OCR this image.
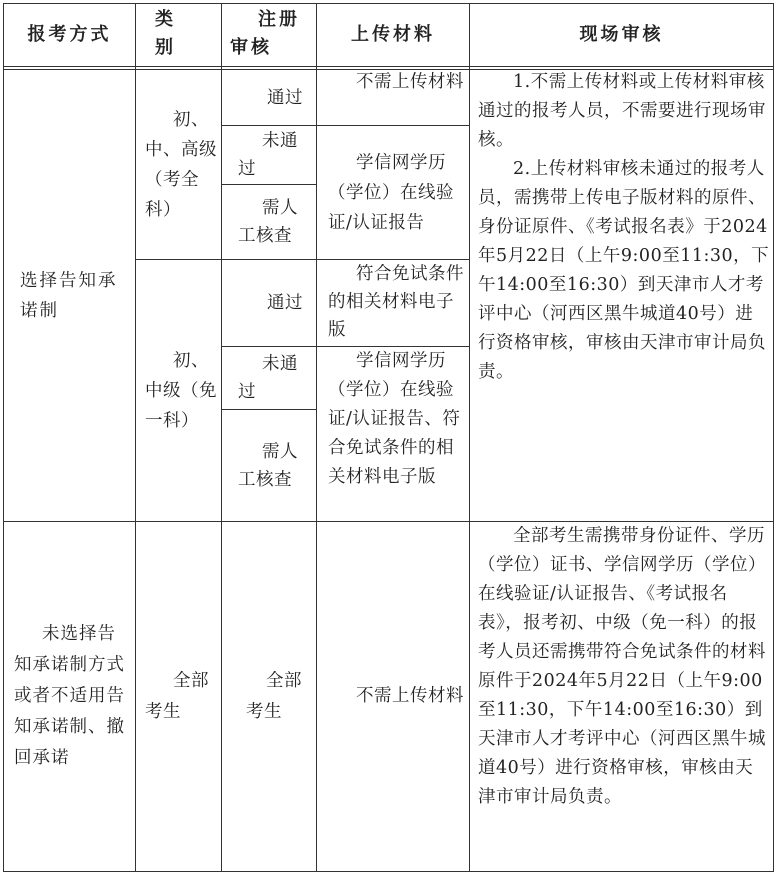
报考方式
类别
注册审核
上传材料	现场审核
选择告知承诺制
初、中、高级（考全科）
通过
未通过
需人工核查
不需上传材料
学信网学历（学位）在线验证/认证报告
初、中级（免一科）
通过
未通过
需人工核查
符合免试条件的相关材料电子版
学信网学历（学位）在线验证/认证报告、符合免试条件的相关材料电子版

1.不需上传材料或上传材料审核通过的报考人员，不需要进行现场审核。

2.上传材料审核未通过的报考人员，需携带上传电子版材料的原件、身份证原件、《考试报名表》于2024年5月22日（上午9:00至11:30，下午14:00至16:30）到天津市人才考评中心（河西区黑牛城道40号）进行资格审核，审核由天津市审计局负责。

未选择告知承诺制方式或者不适用告知承诺制、撤回承诺
全部考生
全部考生
不需上传材料

全部考生需携带身份证件、学历（学位）证书、学信网学历（学位）在线验证/认证报告、《考试报名表》，报考初、中级（免一科）的报考人员还需携带符合免试条件的材料原件于2024年5月22日（上午9:00至11:30，下午14:00至16:30）到天津市人才考评中心（河西区黑牛城道40号）进行资格审核，审核由天津市审计局负责。
